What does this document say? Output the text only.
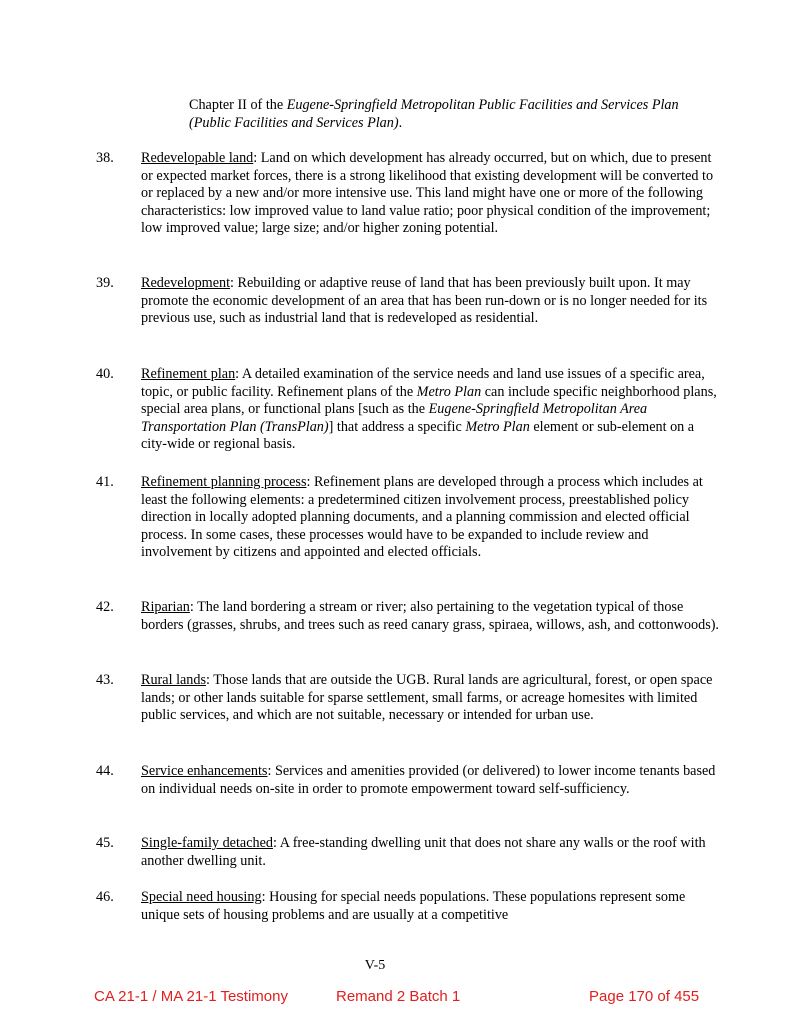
Chapter II of the Eugene-Springfield Metropolitan Public Facilities and Services Plan (Public Facilities and Services Plan).
38. Redevelopable land: Land on which development has already occurred, but on which, due to present or expected market forces, there is a strong likelihood that existing development will be converted to or replaced by a new and/or more intensive use. This land might have one or more of the following characteristics: low improved value to land value ratio; poor physical condition of the improvement; low improved value; large size; and/or higher zoning potential.
39. Redevelopment: Rebuilding or adaptive reuse of land that has been previously built upon. It may promote the economic development of an area that has been run-down or is no longer needed for its previous use, such as industrial land that is redeveloped as residential.
40. Refinement plan: A detailed examination of the service needs and land use issues of a specific area, topic, or public facility. Refinement plans of the Metro Plan can include specific neighborhood plans, special area plans, or functional plans [such as the Eugene-Springfield Metropolitan Area Transportation Plan (TransPlan)] that address a specific Metro Plan element or sub-element on a city-wide or regional basis.
41. Refinement planning process: Refinement plans are developed through a process which includes at least the following elements: a predetermined citizen involvement process, preestablished policy direction in locally adopted planning documents, and a planning commission and elected official process. In some cases, these processes would have to be expanded to include review and involvement by citizens and appointed and elected officials.
42. Riparian: The land bordering a stream or river; also pertaining to the vegetation typical of those borders (grasses, shrubs, and trees such as reed canary grass, spiraea, willows, ash, and cottonwoods).
43. Rural lands: Those lands that are outside the UGB. Rural lands are agricultural, forest, or open space lands; or other lands suitable for sparse settlement, small farms, or acreage homesites with limited public services, and which are not suitable, necessary or intended for urban use.
44. Service enhancements: Services and amenities provided (or delivered) to lower income tenants based on individual needs on-site in order to promote empowerment toward self-sufficiency.
45. Single-family detached: A free-standing dwelling unit that does not share any walls or the roof with another dwelling unit.
46. Special need housing: Housing for special needs populations. These populations represent some unique sets of housing problems and are usually at a competitive
V-5
CA 21-1 / MA 21-1 Testimony	Remand 2 Batch 1	Page 170 of 455
